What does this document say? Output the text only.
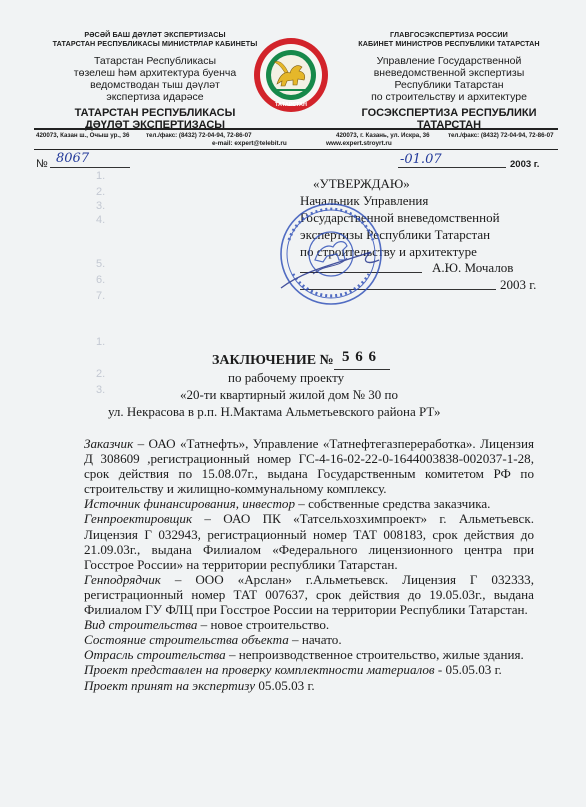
1.
2.
3.
4.
5.
6.
7.
1.
2.
3.
РӘСӘЙ БАШ ДӘҮЛӘТ ЭКСПЕРТИЗАСЫ
ТАТАРСТАН РЕСПУБЛИКАСЫ МИНИСТРЛАР КАБИНЕТЫ
Татарстан Республикасы
төзелеш һәм архитектура буенча
ведомстводан тыш дәүләт
экспертиза идарәсе
ТАТАРСТАН РЕСПУБЛИКАСЫ
ДӘҮЛӘТ ЭКСПЕРТИЗАСЫ
ТАТАРСТАН
ГЛАВГОСЭКСПЕРТИЗА РОССИИ
КАБИНЕТ МИНИСТРОВ РЕСПУБЛИКИ ТАТАРСТАН
Управление Государственной
вневедомственной экспертизы
Республики Татарстан
по строительству и архитектуре
ГОСЭКСПЕРТИЗА РЕСПУБЛИКИ
ТАТАРСТАН
420073, Казан ш., Очыш ур., 36	тел./факс: (8432) 72-04-94, 72-86-07	420073, г. Казань, ул. Искра, 36	тел./факс: (8432) 72-04-94, 72-86-07
e-mail: expert@telebit.ru	www.expert.stroyrt.ru
№ 8067	-01.07	2003 г.
«УТВЕРЖДАЮ»
Начальник Управления
Государственной вневедомственной
экспертизы Республики Татарстан
по строительству и архитектуре
А.Ю. Мочалов
2003 г.
ЗАКЛЮЧЕНИЕ № 5 6 6
по рабочему проекту
«20-ти квартирный жилой дом № 30 по
ул. Некрасова в р.п. Н.Мактама Альметьевского района РТ»

Заказчик – ОАО «Татнефть», Управление «Татнефтегазпереработка». Лицензия Д 308609 ,регистрационный номер ГС-4-16-02-22-0-1644003838-002037-1-28, срок действия по 15.08.07г., выдана Государственным комитетом РФ по строительству и жилищно-коммунальному комплексу.

Источник финансирования, инвестор – собственные средства заказчика.

Генпроектировщик – ОАО ПК «Татсельхозхимпроект» г. Альметьевск. Лицензия Г 032943, регистрационный номер ТАТ 008183, срок действия до 21.09.03г., выдана Филиалом «Федерального лицензионного центра при Госстрое России» на территории республики Татарстан.

Генподрядчик – ООО «Арслан» г.Альметьевск. Лицензия Г 032333, регистрационный номер ТАТ 007637, срок действия до 19.05.03г., выдана Филиалом ГУ ФЛЦ при Госстрое России на территории Республики Татарстан.

Вид строительства – новое строительство.

Состояние строительства объекта – начато.

Отрасль строительства – непроизводственное строительство, жилые здания.

Проект представлен на проверку комплектности материалов - 05.05.03 г.

Проект принят на экспертизу 05.05.03 г.
